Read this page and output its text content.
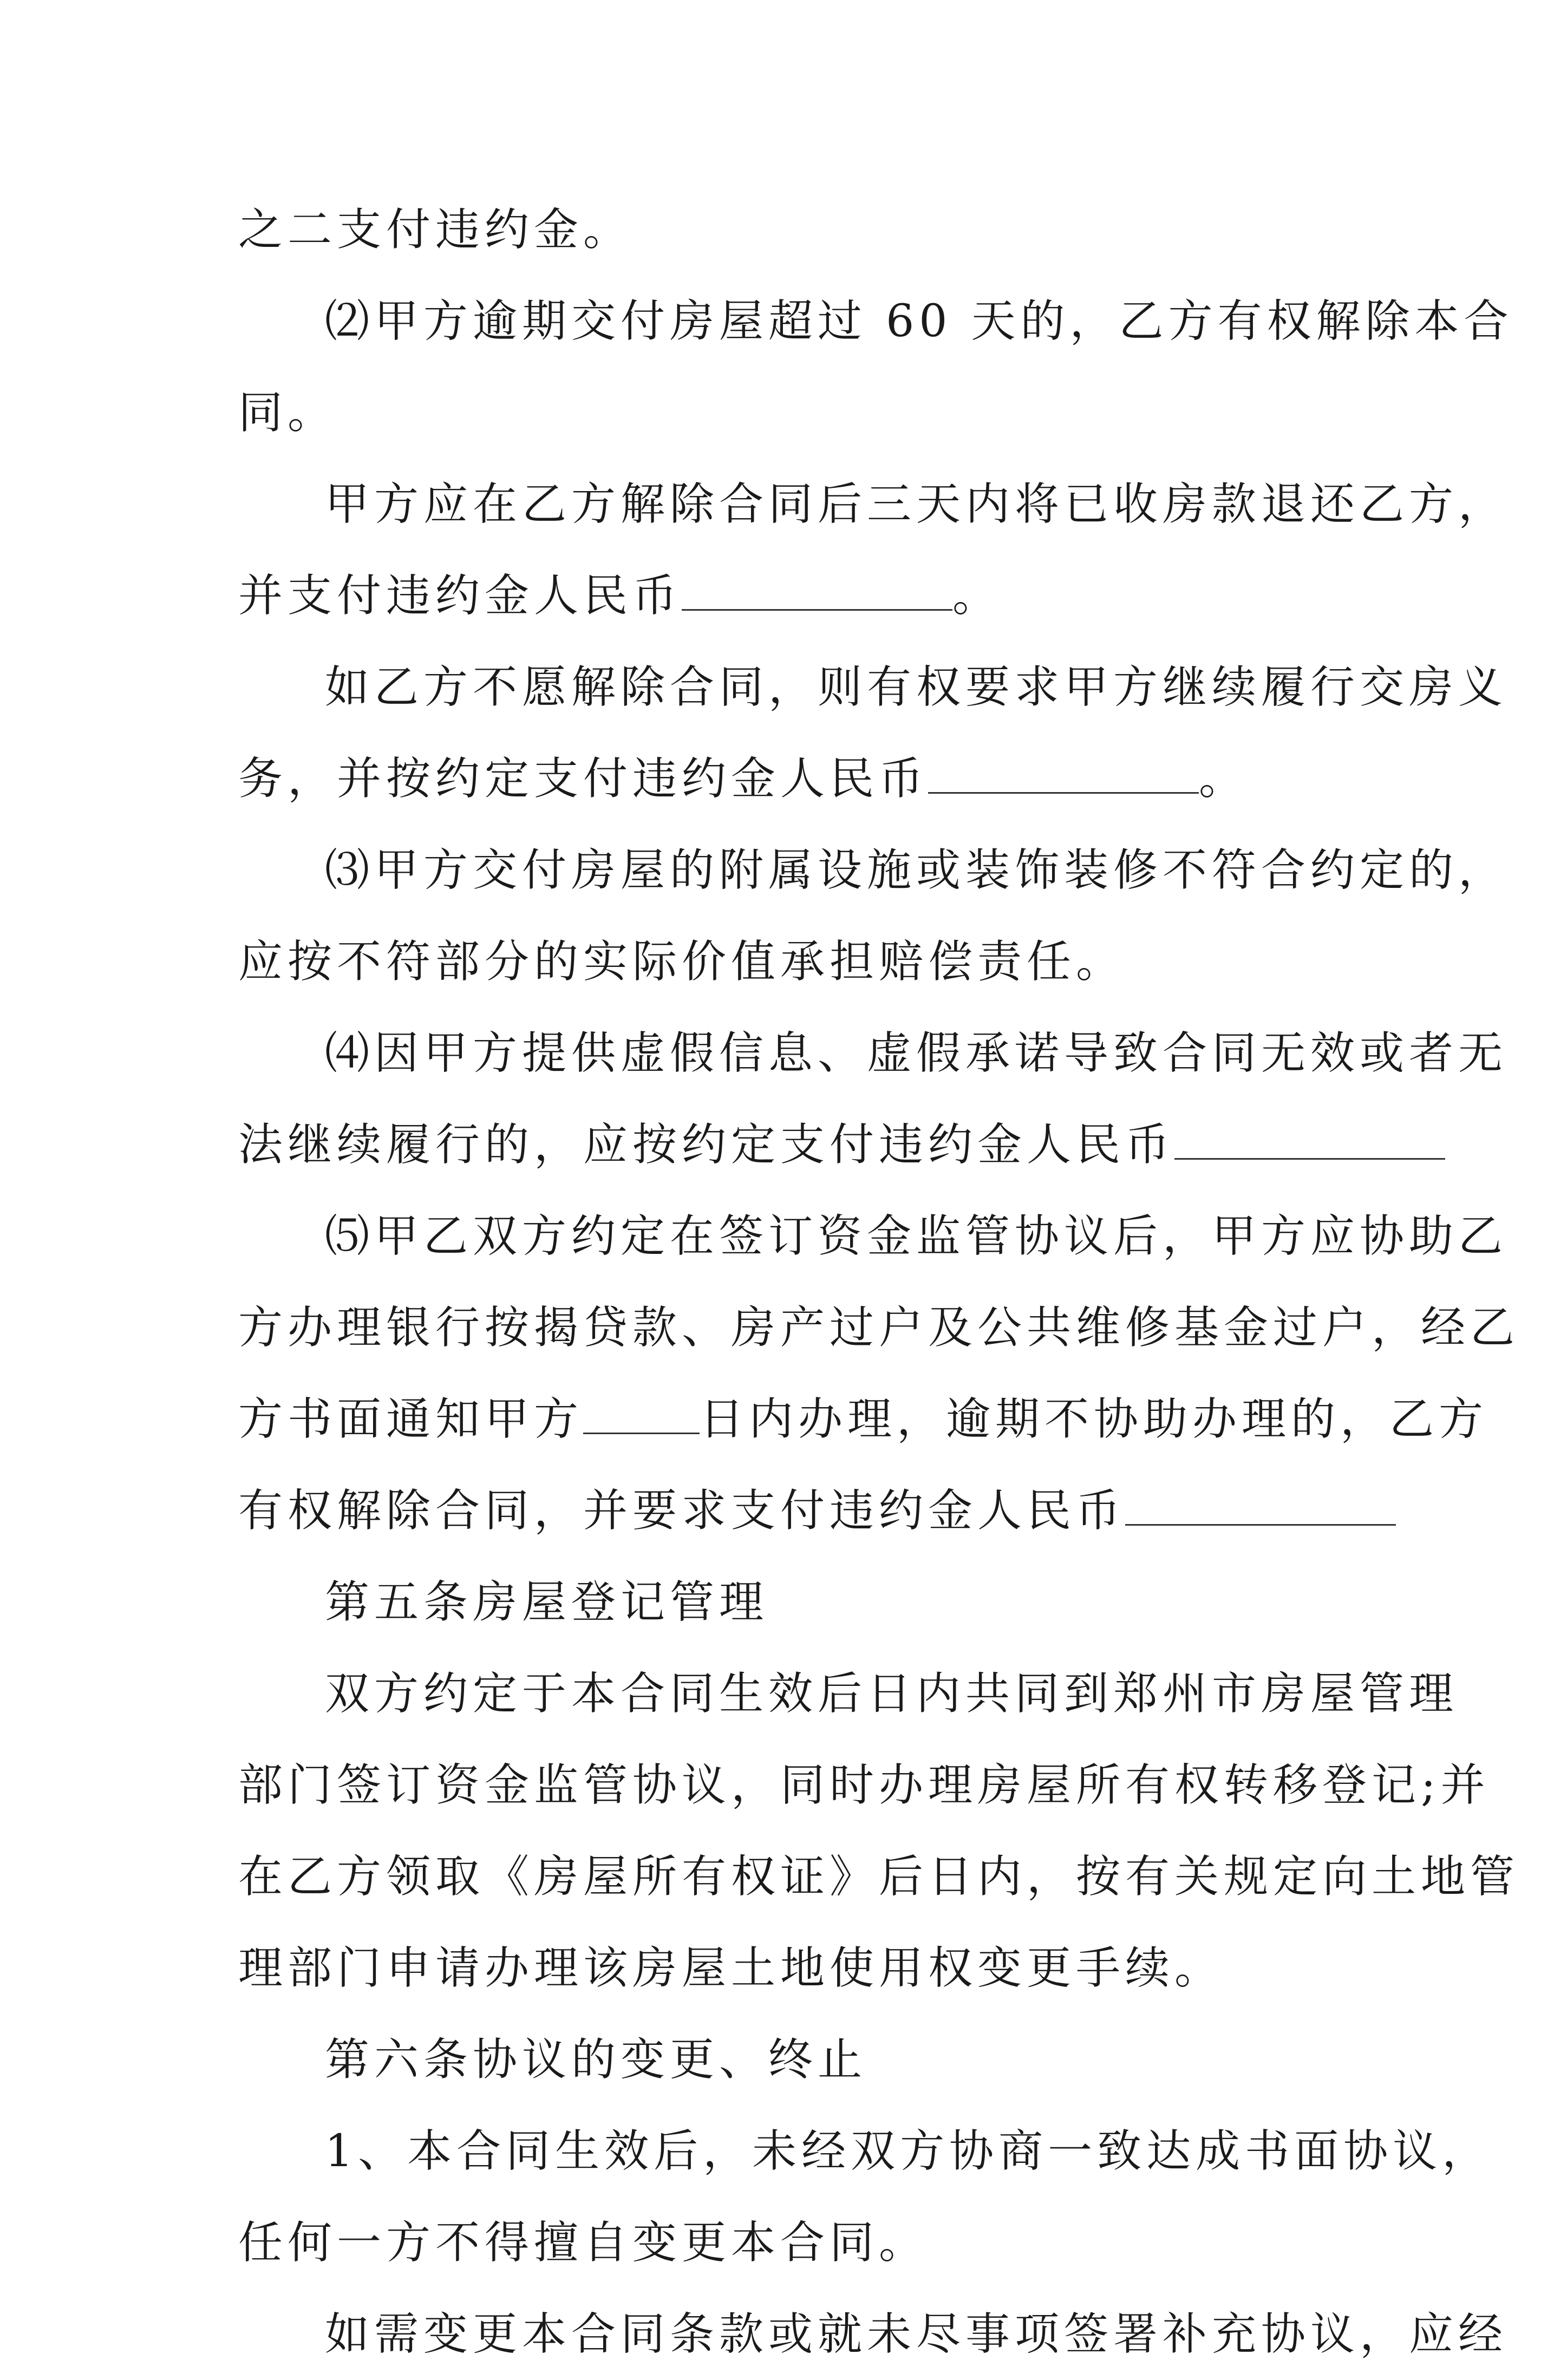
之二支付违约金。
⑵甲方逾期交付房屋超过 60 天的，乙方有权解除本合
同。
甲方应在乙方解除合同后三天内将已收房款退还乙方，
并支付违约金人民币	。
如乙方不愿解除合同，则有权要求甲方继续履行交房义
务，并按约定支付违约金人民币	。
⑶甲方交付房屋的附属设施或装饰装修不符合约定的，
应按不符部分的实际价值承担赔偿责任。
⑷因甲方提供虚假信息、虚假承诺导致合同无效或者无
法继续履行的，应按约定支付违约金人民币
⑸甲乙双方约定在签订资金监管协议后，甲方应协助乙
方办理银行按揭贷款、房产过户及公共维修基金过户，经乙
方书面通知甲方	日内办理，逾期不协助办理的，乙方
有权解除合同，并要求支付违约金人民币
第五条房屋登记管理
双方约定于本合同生效后日内共同到郑州市房屋管理
部门签订资金监管协议，同时办理房屋所有权转移登记;并
在乙方领取《房屋所有权证》后日内，按有关规定向土地管
理部门申请办理该房屋土地使用权变更手续。
第六条协议的变更、终止
1、本合同生效后，未经双方协商一致达成书面协议，
任何一方不得擅自变更本合同。
如需变更本合同条款或就未尽事项签署补充协议，应经
